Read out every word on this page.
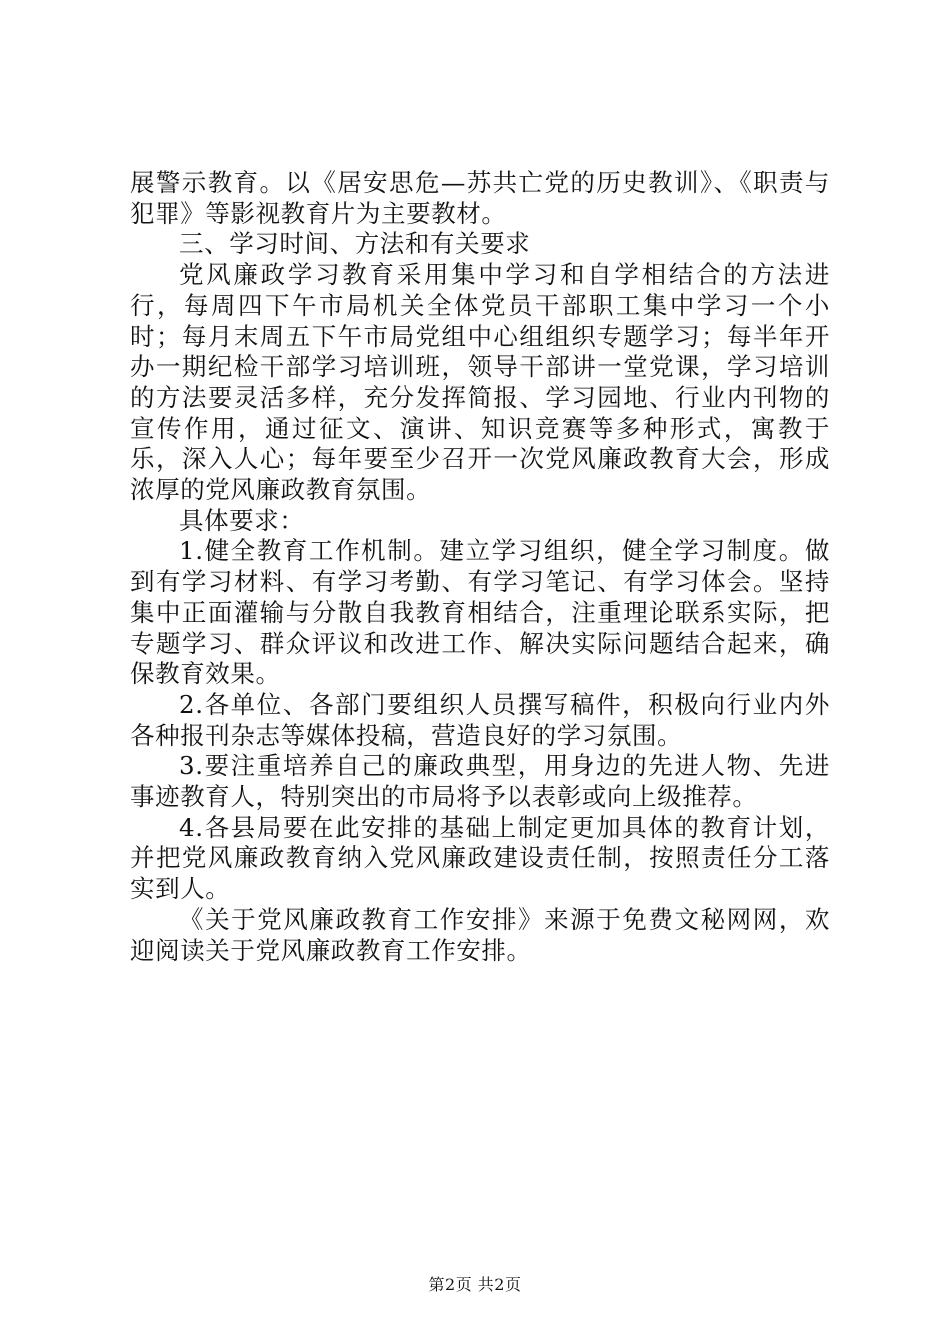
展警示教育。以《居安思危—苏共亡党的历史教训》、《职责与犯罪》等影视教育片为主要教材。

三、学习时间、方法和有关要求

党风廉政学习教育采用集中学习和自学相结合的方法进行，每周四下午市局机关全体党员干部职工集中学习一个小时；每月末周五下午市局党组中心组组织专题学习；每半年开办一期纪检干部学习培训班，领导干部讲一堂党课，学习培训的方法要灵活多样，充分发挥简报、学习园地、行业内刊物的宣传作用，通过征文、演讲、知识竞赛等多种形式，寓教于乐，深入人心；每年要至少召开一次党风廉政教育大会，形成浓厚的党风廉政教育氛围。

具体要求：

1.健全教育工作机制。建立学习组织，健全学习制度。做到有学习材料、有学习考勤、有学习笔记、有学习体会。坚持集中正面灌输与分散自我教育相结合，注重理论联系实际，把专题学习、群众评议和改进工作、解决实际问题结合起来，确保教育效果。

2.各单位、各部门要组织人员撰写稿件，积极向行业内外各种报刊杂志等媒体投稿，营造良好的学习氛围。

3.要注重培养自己的廉政典型，用身边的先进人物、先进事迹教育人，特别突出的市局将予以表彰或向上级推荐。

4.各县局要在此安排的基础上制定更加具体的教育计划，并把党风廉政教育纳入党风廉政建设责任制，按照责任分工落实到人。

《关于党风廉政教育工作安排》来源于免费文秘网网，欢迎阅读关于党风廉政教育工作安排。

第2页 共2页
